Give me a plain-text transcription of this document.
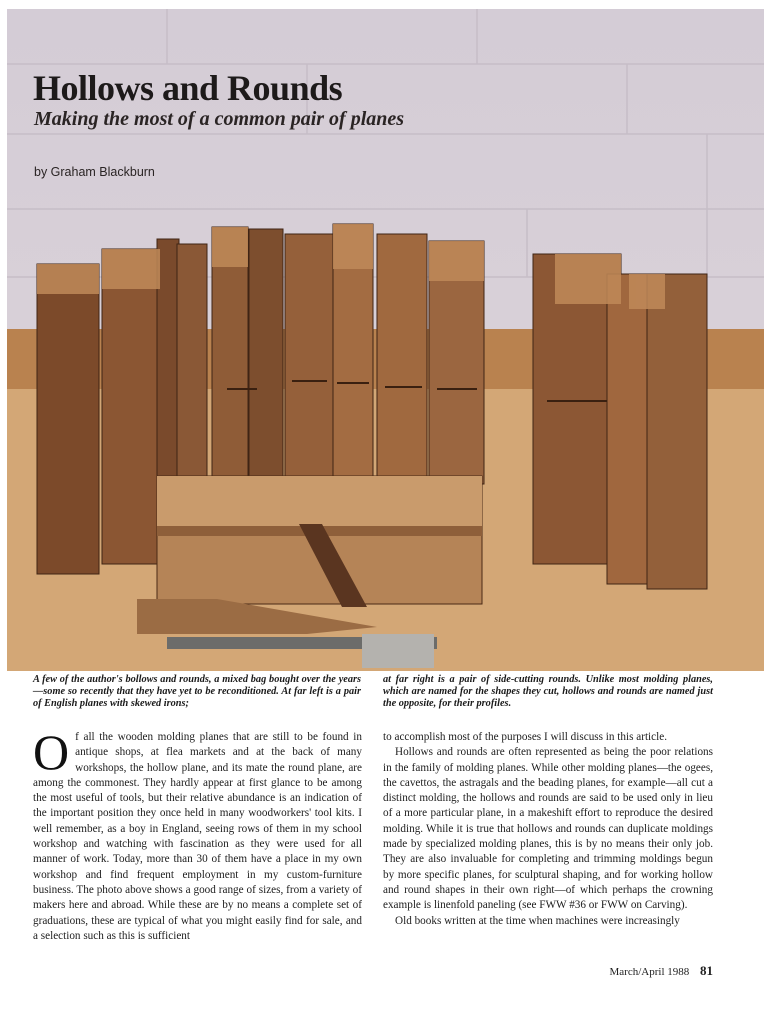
Hollows and Rounds
Making the most of a common pair of planes

by Graham Blackburn

A few of the author's bollows and rounds, a mixed bag bought over the years—some so recently that they have yet to be reconditioned. At far left is a pair of English planes with skewed irons;

at far right is a pair of side-cutting rounds. Unlike most molding planes, which are named for the shapes they cut, hollows and rounds are named just the opposite, for their profiles.

O f all the wooden molding planes that are still to be found in antique shops, at flea markets and at the back of many workshops, the hollow plane, and its mate the round plane, are among the commonest. They hardly appear at first glance to be among the most useful of tools, but their relative abundance is an indication of the important position they once held in many woodworkers' tool kits. I well remember, as a boy in England, seeing rows of them in my school workshop and watching with fascination as they were used for all manner of work. Today, more than 30 of them have a place in my own workshop and find frequent employment in my custom-furniture business. The photo above shows a good range of sizes, from a variety of makers here and abroad. While these are by no means a complete set of graduations, these are typical of what you might easily find for sale, and a selection such as this is sufficient

to accomplish most of the purposes I will discuss in this article.

Hollows and rounds are often represented as being the poor relations in the family of molding planes. While other molding planes—the ogees, the cavettos, the astragals and the beading planes, for example—all cut a distinct molding, the hollows and rounds are said to be used only in lieu of a more particular plane, in a makeshift effort to reproduce the desired molding. While it is true that hollows and rounds can duplicate moldings made by specialized molding planes, this is by no means their only job. They are also invaluable for completing and trimming moldings begun by more specific planes, for sculptural shaping, and for working hollow and round shapes in their own right—of which perhaps the crowning example is linenfold paneling (see FWW #36 or FWW on Carving).

Old books written at the time when machines were increasingly

March/April 1988 81
